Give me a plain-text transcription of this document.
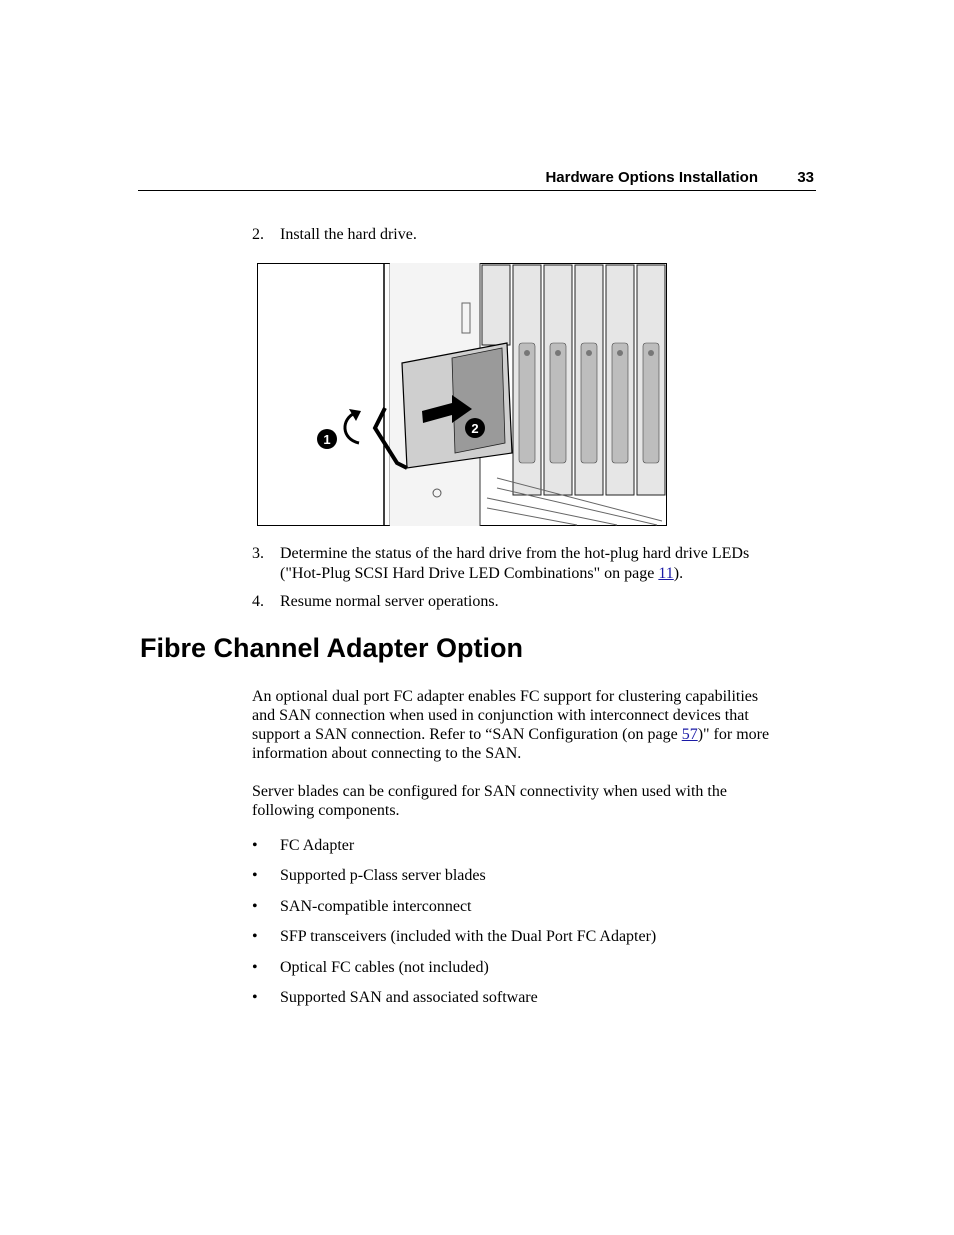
Hardware Options Installation	33
2. Install the hard drive.
1
2
3. Determine the status of the hard drive from the hot-plug hard drive LEDs
("Hot-Plug SCSI Hard Drive LED Combinations" on page 11).
4. Resume normal server operations.
Fibre Channel Adapter Option
An optional dual port FC adapter enables FC support for clustering capabilities
and SAN connection when used in conjunction with interconnect devices that
support a SAN connection. Refer to “SAN Configuration (on page 57)" for more
information about connecting to the SAN.
Server blades can be configured for SAN connectivity when used with the
following components.
• FC Adapter
• Supported p-Class server blades
• SAN-compatible interconnect
• SFP transceivers (included with the Dual Port FC Adapter)
• Optical FC cables (not included)
• Supported SAN and associated software
